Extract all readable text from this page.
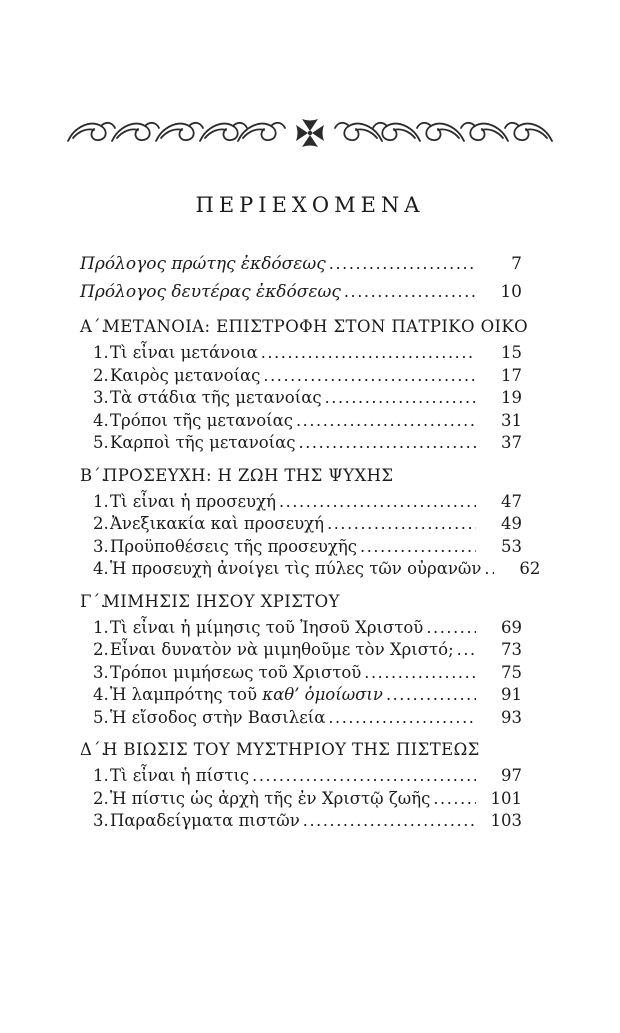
ΠΕΡΙΕΧΟΜΕΝΑ
Πρόλογος πρώτης ἐκδόσεως .....	7
Πρόλογος δευτέρας ἐκδόσεως .....	10
Α΄.
ΜΕΤΑΝΟΙΑ: ΕΠΙΣΤΡΟΦΗ ΣΤΟΝ ΠΑΤΡΙΚΟ ΟΙΚΟ
1. Τὶ εἶναι μετάνοια .....	15
2. Καιρὸς μετανοίας .....	17
3. Τὰ στάδια τῆς μετανοίας .....	19
4. Τρόποι τῆς μετανοίας .....	31
5. Καρποὶ τῆς μετανοίας .....	37
Β΄.
ΠΡΟΣΕΥΧΗ: Η ΖΩΗ ΤΗΣ ΨΥΧΗΣ
1. Τὶ εἶναι ἡ προσευχή .....	47
2. Ἀνεξικακία καὶ προσευχή .....	49
3. Προϋποθέσεις τῆς προσευχῆς .....	53
4. Ἡ προσευχὴ ἀνοίγει τὶς πύλες τῶν οὐρανῶν .....	62
Γ΄.
ΜΙΜΗΣΙΣ ΙΗΣΟΥ ΧΡΙΣΤΟΥ
1. Τὶ εἶναι ἡ μίμησις τοῦ Ἰησοῦ Χριστοῦ .....	69
2. Εἶναι δυνατὸν νὰ μιμηθοῦμε τὸν Χριστό; .....	73
3. Τρόποι μιμήσεως τοῦ Χριστοῦ .....	75
4. Ἡ λαμπρότης τοῦ καθ’ ὁμοίωσιν .....	91
5. Ἡ εἴσοδος στὴν Βασιλεία .....	93
Δ΄.
Η ΒΙΩΣΙΣ ΤΟΥ ΜΥΣΤΗΡΙΟΥ ΤΗΣ ΠΙΣΤΕΩΣ
1. Τὶ εἶναι ἡ πίστις .....	97
2. Ἡ πίστις ὡς ἀρχὴ τῆς ἐν Χριστῷ ζωῆς .....	101
3. Παραδείγματα πιστῶν .....	103
